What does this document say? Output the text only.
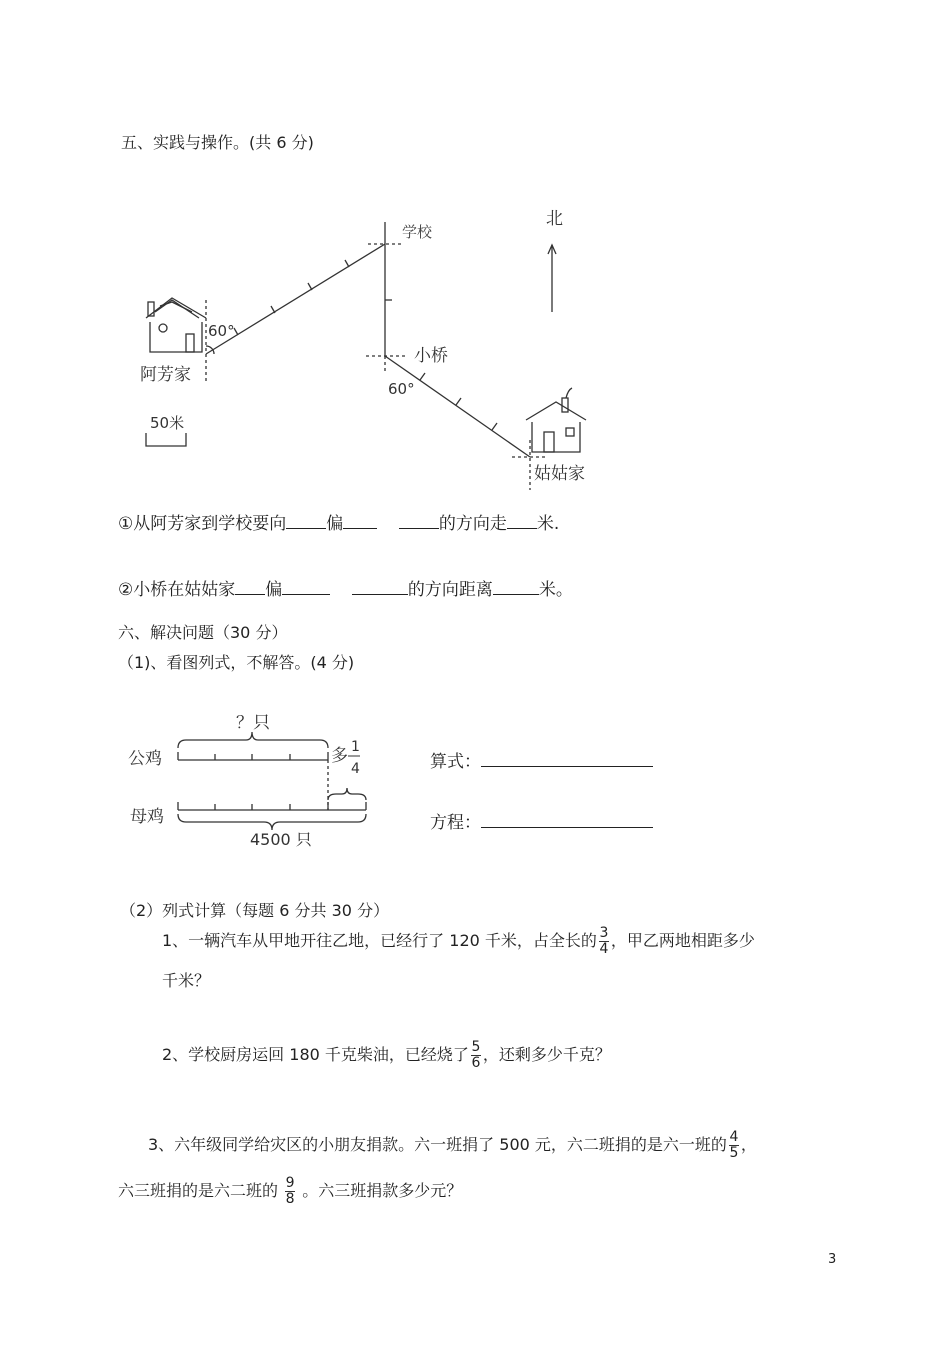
五、实践与操作。(共 6 分)
学校
北
小桥
阿芳家
姑姑家
60°
60°
50米
①从阿芳家到学校要向 偏	的方向走 米.
②小桥在姑姑家 偏	的方向距离	米。
六、解决问题（30 分）
（1)、看图列式，不解答。(4 分)
公鸡
母鸡
？只
多 1
4
4500 只
算式：
方程：
（2）列式计算（每题 6 分共 30 分）
1、一辆汽车从甲地开往乙地，已经行了 120 千米，占全长的 $\frac{3}{4}$ ，甲乙两地相距多少
千米？
2、学校厨房运回 180 千克柴油，已经烧了 $\frac{5}{6}$ ，还剩多少千克？
3、六年级同学给灾区的小朋友捐款。六一班捐了 500 元，六二班捐的是六一班的 $\frac{4}{5}$ ，
六三班捐的是六二班的 $\frac{9}{8}$ 。六三班捐款多少元？
3
